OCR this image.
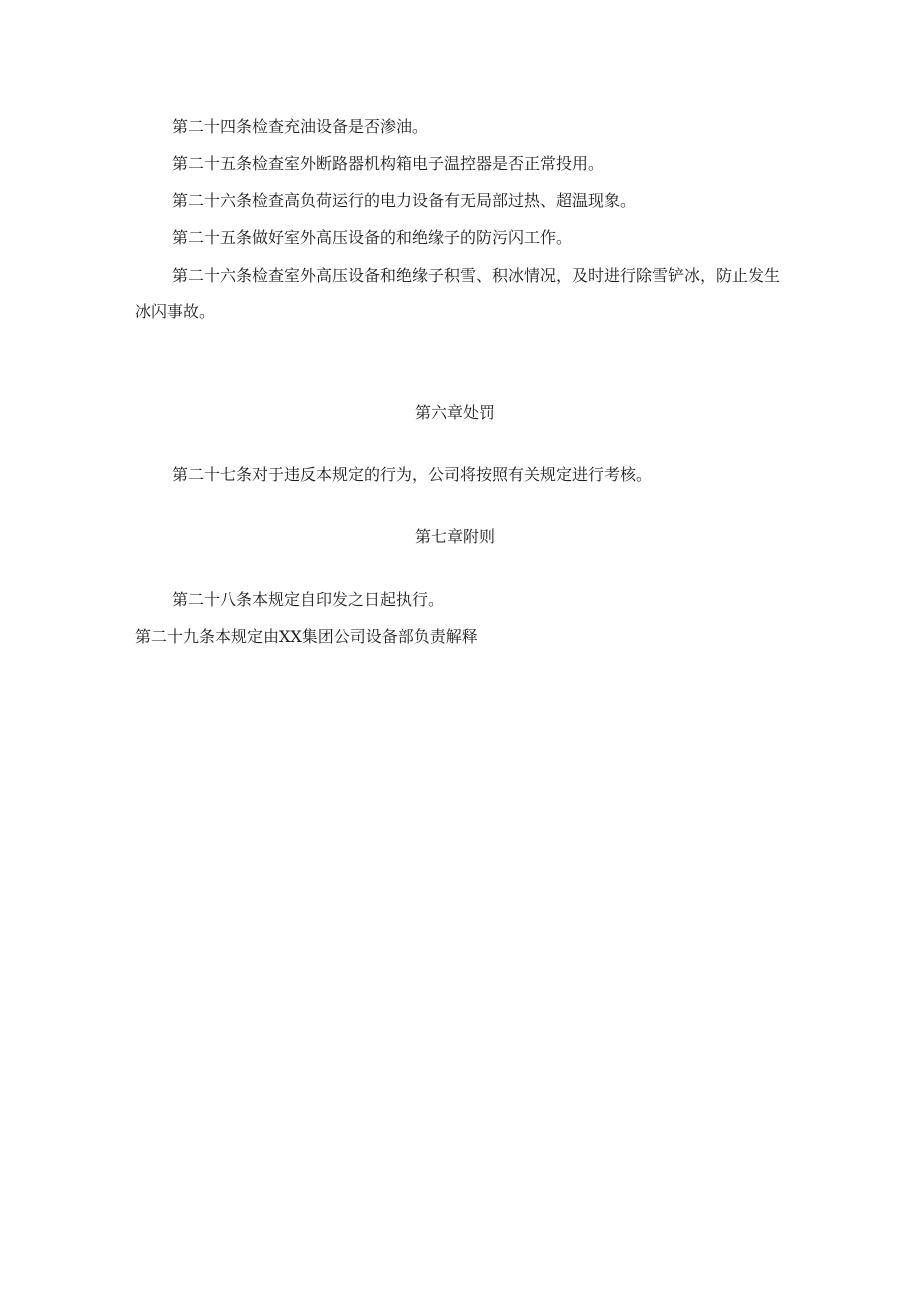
第二十四条检查充油设备是否渗油。
第二十五条检查室外断路器机构箱电子温控器是否正常投用。
第二十六条检查高负荷运行的电力设备有无局部过热、超温现象。
第二十五条做好室外高压设备的和绝缘子的防污闪工作。
第二十六条检查室外高压设备和绝缘子积雪、积冰情况，及时进行除雪铲冰，防止发生冰闪事故。
第六章处罚
第二十七条对于违反本规定的行为，公司将按照有关规定进行考核。
第七章附则
第二十八条本规定自印发之日起执行。
第二十九条本规定由XX集团公司设备部负责解释
